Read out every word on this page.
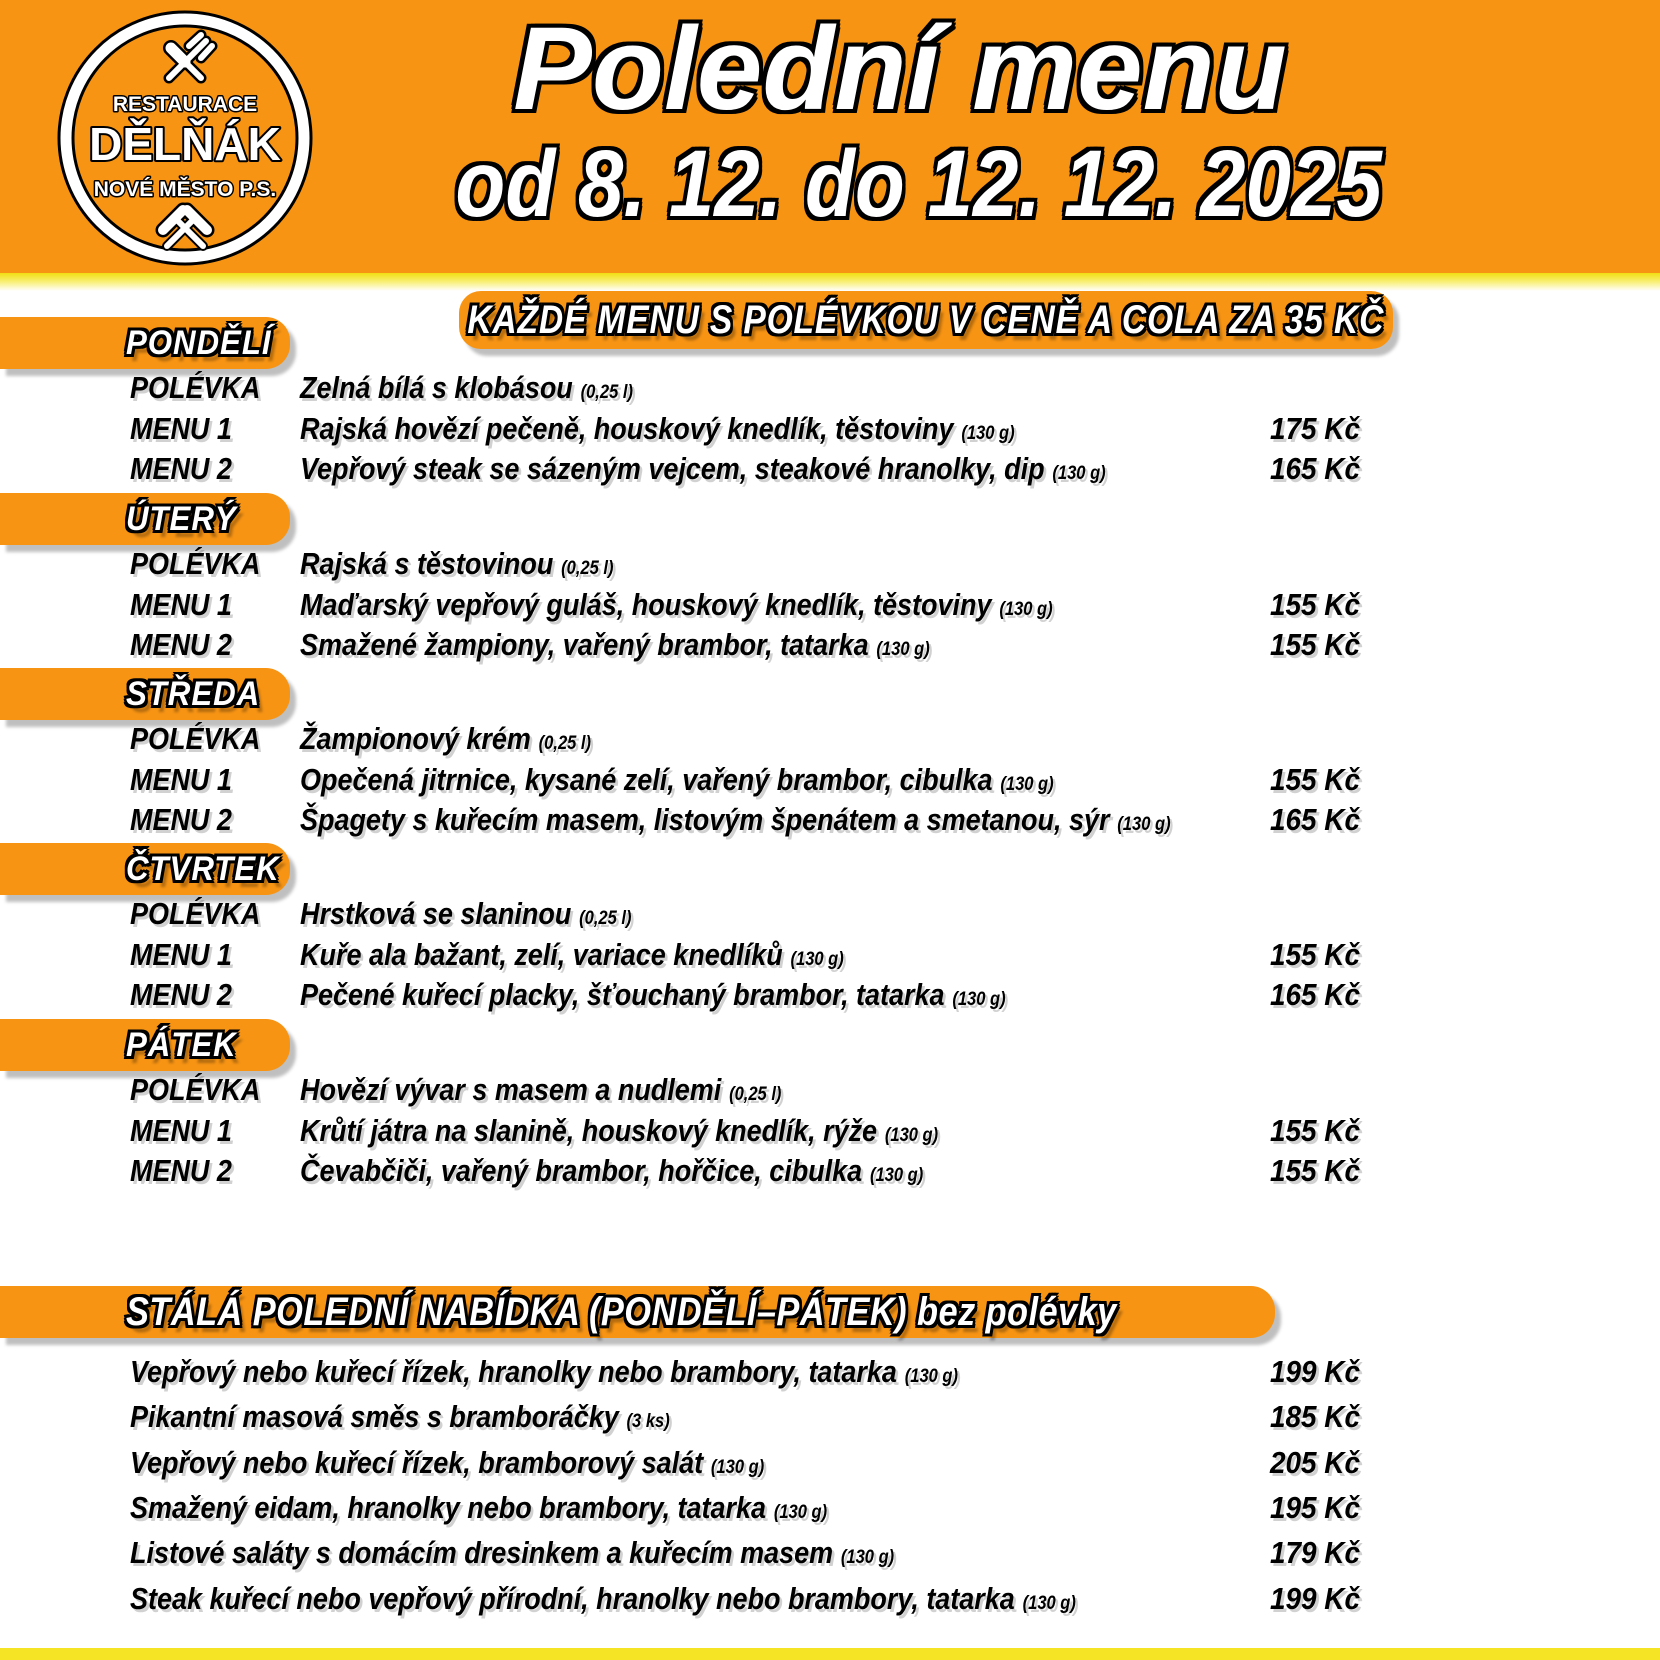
RESTAURACE
DĚLŇÁK
NOVÉ MĚSTO P.S.
Polední menu
od 8. 12. do 12. 12. 2025
KAŽDÉ MENU S POLÉVKOU V CENĚ A COLA ZA 35 KČ
PONDĚLÍ
POLÉVKA	Zelná bílá s klobásou (0,25 l)
MENU 1	Rajská hovězí pečeně, houskový knedlík, těstoviny (130 g)	175 Kč
MENU 2	Vepřový steak se sázeným vejcem, steakové hranolky, dip (130 g)	165 Kč
ÚTERÝ
POLÉVKA	Rajská s těstovinou (0,25 l)
MENU 1	Maďarský vepřový guláš, houskový knedlík, těstoviny (130 g)	155 Kč
MENU 2	Smažené žampiony, vařený brambor, tatarka (130 g)	155 Kč
STŘEDA
POLÉVKA	Žampionový krém (0,25 l)
MENU 1	Opečená jitrnice, kysané zelí, vařený brambor, cibulka (130 g)	155 Kč
MENU 2	Špagety s kuřecím masem, listovým špenátem a smetanou, sýr (130 g)	165 Kč
ČTVRTEK
POLÉVKA	Hrstková se slaninou (0,25 l)
MENU 1	Kuře ala bažant, zelí, variace knedlíků (130 g)	155 Kč
MENU 2	Pečené kuřecí placky, šťouchaný brambor, tatarka (130 g)	165 Kč
PÁTEK
POLÉVKA	Hovězí vývar s masem a nudlemi (0,25 l)
MENU 1	Krůtí játra na slanině, houskový knedlík, rýže (130 g)	155 Kč
MENU 2	Čevabčiči, vařený brambor, hořčice, cibulka (130 g)	155 Kč
STÁLÁ POLEDNÍ NABÍDKA (PONDĚLÍ–PÁTEK) bez polévky
Vepřový nebo kuřecí řízek, hranolky nebo brambory, tatarka (130 g)	199 Kč
Pikantní masová směs s bramboráčky (3 ks)	185 Kč
Vepřový nebo kuřecí řízek, bramborový salát (130 g)	205 Kč
Smažený eidam, hranolky nebo brambory, tatarka (130 g)	195 Kč
Listové saláty s domácím dresinkem a kuřecím masem (130 g)	179 Kč
Steak kuřecí nebo vepřový přírodní, hranolky nebo brambory, tatarka (130 g)	199 Kč
